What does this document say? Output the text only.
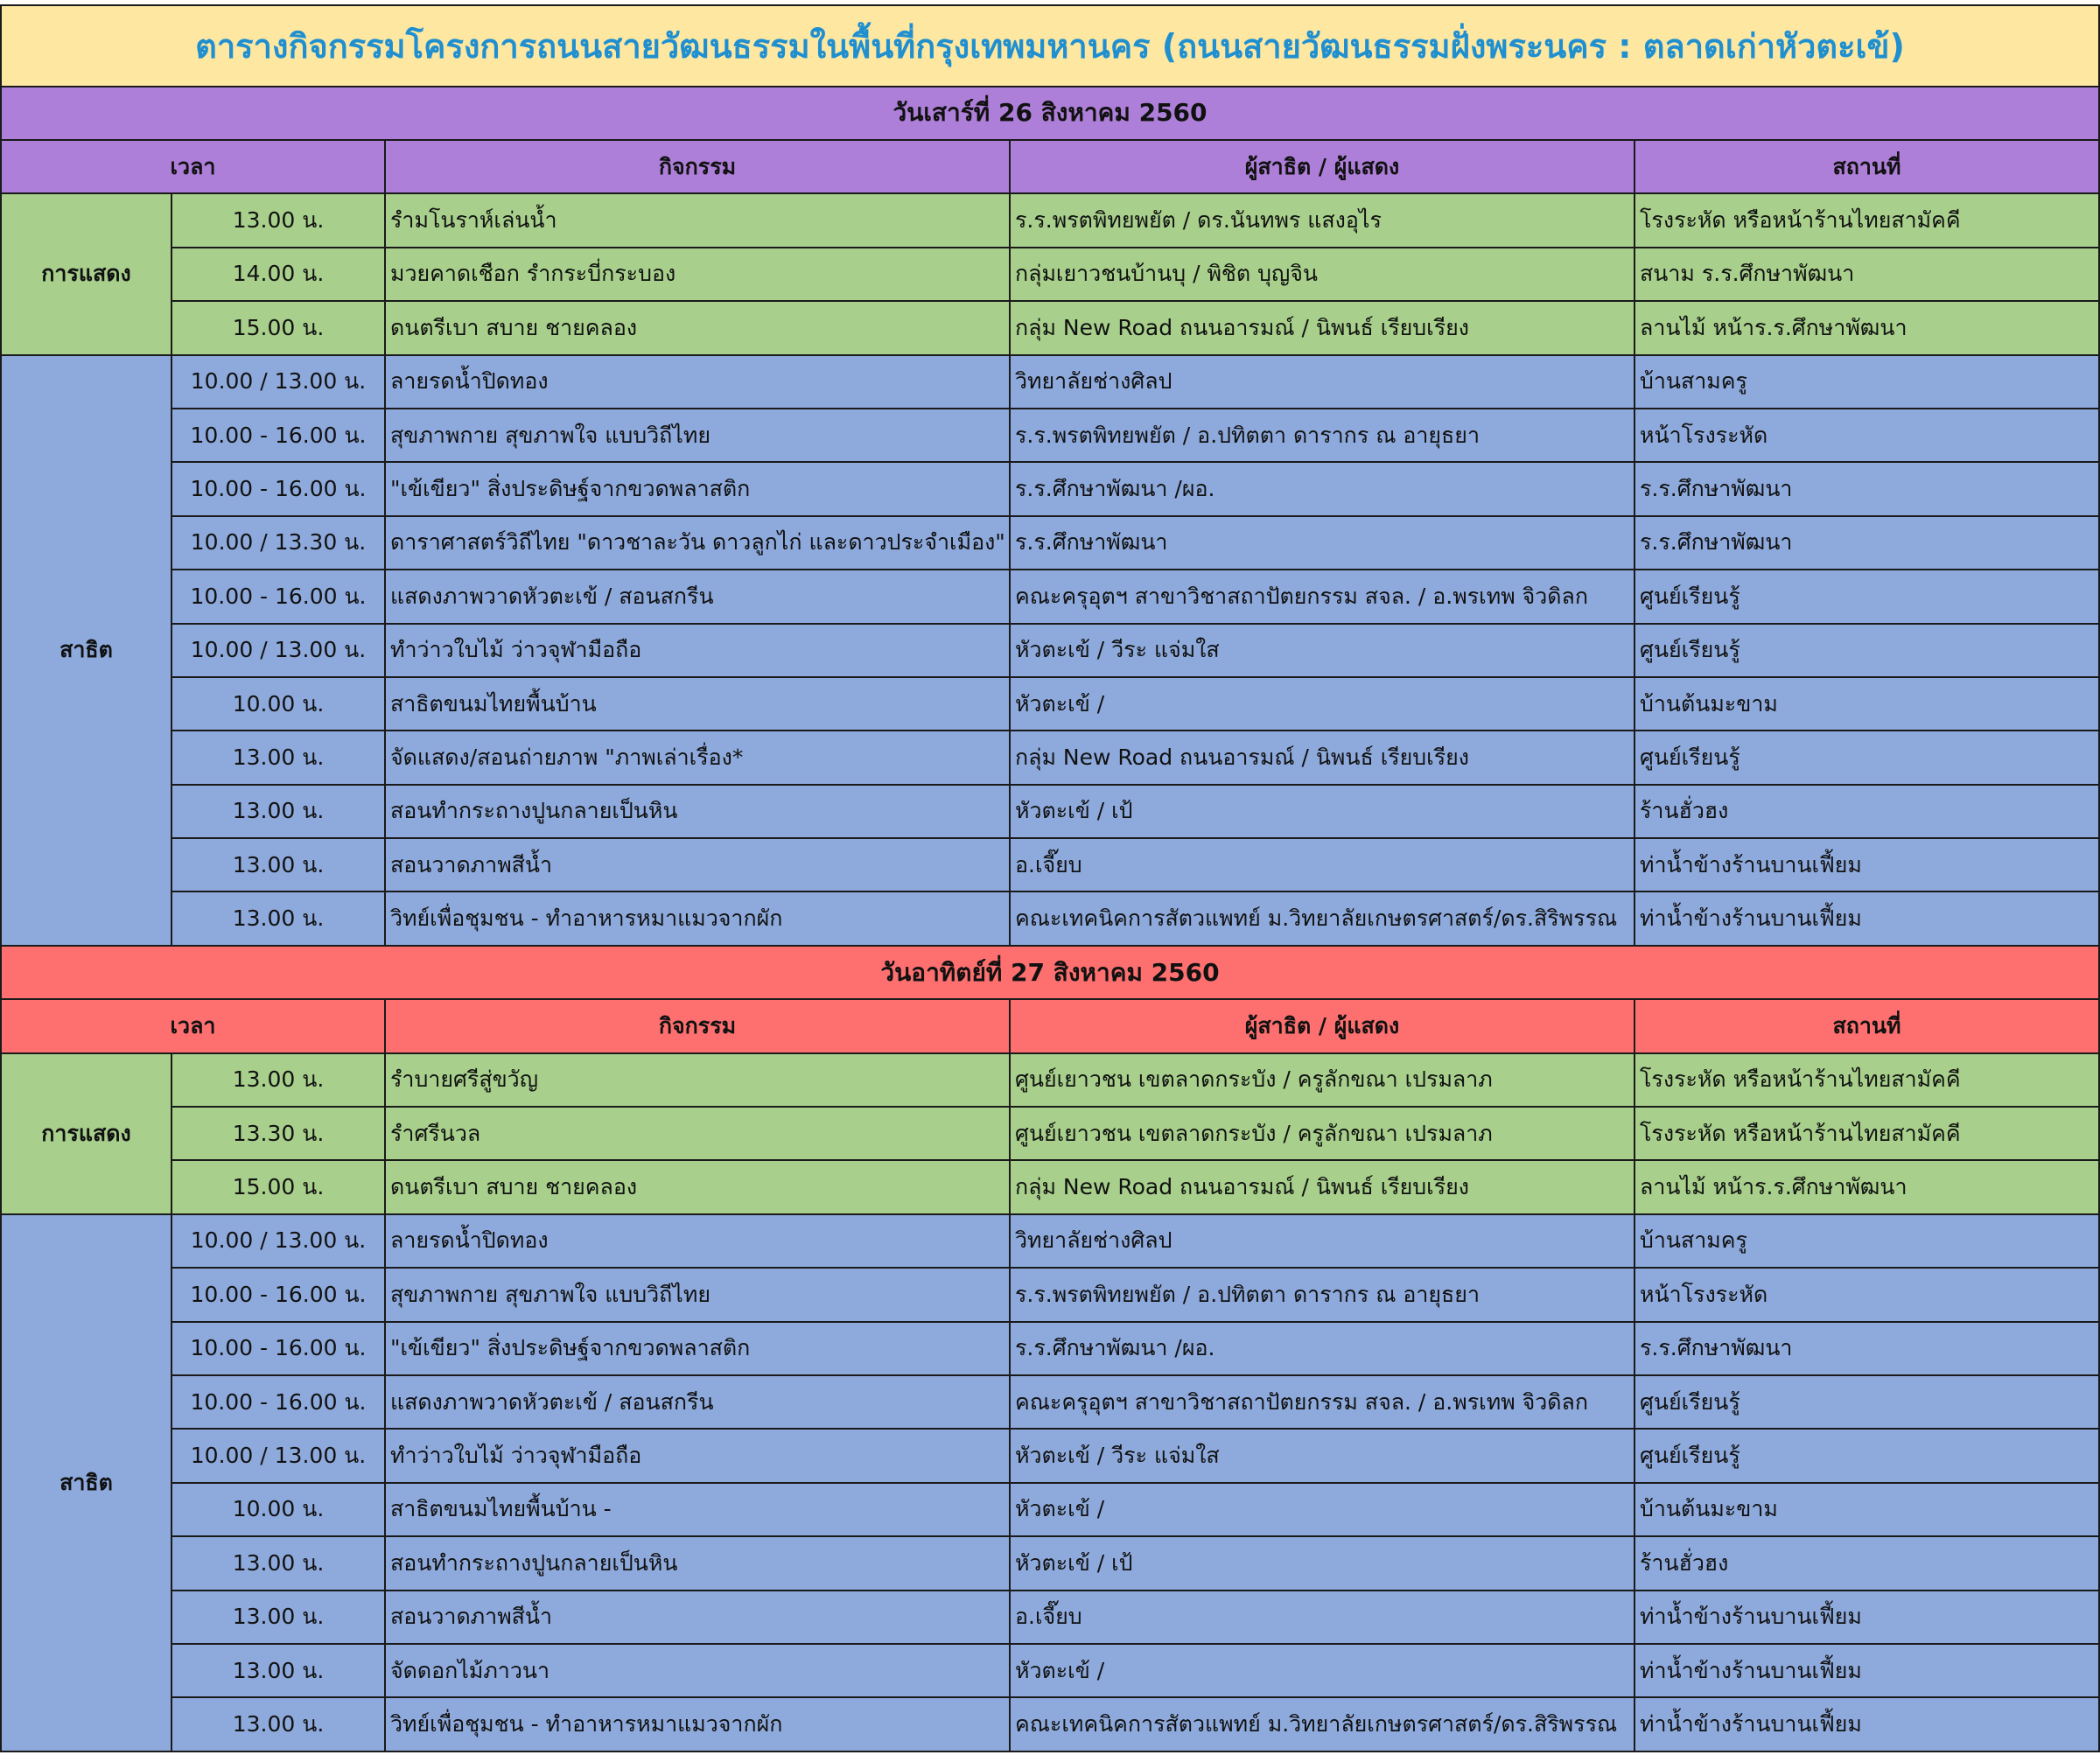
ตารางกิจกรรมโครงการถนนสายวัฒนธรรมในพื้นที่กรุงเทพมหานคร (ถนนสายวัฒนธรรมฝั่งพระนคร : ตลาดเก่าหัวตะเข้)				
วันเสาร์ที่ 26 สิงหาคม 2560				
เวลา		กิจกรรม	ผู้สาธิต / ผู้แสดง	สถานที่
การแสดง	13.00 น.	รำมโนราห์เล่นน้ำ	ร.ร.พรตพิทยพยัต / ดร.นันทพร แสงอุไร	โรงระหัด หรือหน้าร้านไทยสามัคคี
	14.00 น.	มวยคาดเชือก รำกระบี่กระบอง	กลุ่มเยาวชนบ้านบุ / พิชิต บุญจิน	สนาม ร.ร.ศึกษาพัฒนา
	15.00 น.	ดนตรีเบา สบาย ชายคลอง	กลุ่ม New Road ถนนอารมณ์ / นิพนธ์ เรียบเรียง	ลานไม้ หน้าร.ร.ศึกษาพัฒนา
สาธิต	10.00 / 13.00 น.	ลายรดน้ำปิดทอง	วิทยาลัยช่างศิลป	บ้านสามครู
	10.00 - 16.00 น.	สุขภาพกาย สุขภาพใจ แบบวิถีไทย	ร.ร.พรตพิทยพยัต / อ.ปทิตตา ดารากร ณ อายุธยา	หน้าโรงระหัด
	10.00 - 16.00 น.	"เข้เขียว" สิ่งประดิษฐ์จากขวดพลาสติก	ร.ร.ศึกษาพัฒนา /ผอ.	ร.ร.ศึกษาพัฒนา
	10.00 / 13.30 น.	ดาราศาสตร์วิถีไทย "ดาวชาละวัน ดาวลูกไก่ และดาวประจำเมือง"	ร.ร.ศึกษาพัฒนา	ร.ร.ศึกษาพัฒนา
	10.00 - 16.00 น.	แสดงภาพวาดหัวตะเข้ / สอนสกรีน	คณะครุอุตฯ สาขาวิชาสถาปัตยกรรม สจล. / อ.พรเทพ จิวดิลก	ศูนย์เรียนรู้
	10.00 / 13.00 น.	ทำว่าวใบไม้ ว่าวจุฬามือถือ	หัวตะเข้ / วีระ แจ่มใส	ศูนย์เรียนรู้
	10.00 น.	สาธิตขนมไทยพื้นบ้าน	หัวตะเข้ /	บ้านต้นมะขาม
	13.00 น.	จัดแสดง/สอนถ่ายภาพ "ภาพเล่าเรื่อง*	กลุ่ม New Road ถนนอารมณ์ / นิพนธ์ เรียบเรียง	ศูนย์เรียนรู้
	13.00 น.	สอนทำกระถางปูนกลายเป็นหิน	หัวตะเข้ / เป้	ร้านฮั่วฮง
	13.00 น.	สอนวาดภาพสีน้ำ	อ.เจี๊ยบ	ท่าน้ำข้างร้านบานเฟี้ยม
	13.00 น.	วิทย์เพื่อชุมชน - ทำอาหารหมาแมวจากผัก	คณะเทคนิคการสัตวแพทย์ ม.วิทยาลัยเกษตรศาสตร์/ดร.สิริพรรณ	ท่าน้ำข้างร้านบานเฟี้ยม
วันอาทิตย์ที่ 27 สิงหาคม 2560				
เวลา		กิจกรรม	ผู้สาธิต / ผู้แสดง	สถานที่
การแสดง	13.00 น.	รำบายศรีสู่ขวัญ	ศูนย์เยาวชน เขตลาดกระบัง / ครูลักขณา เปรมลาภ	โรงระหัด หรือหน้าร้านไทยสามัคคี
	13.30 น.	รำศรีนวล	ศูนย์เยาวชน เขตลาดกระบัง / ครูลักขณา เปรมลาภ	โรงระหัด หรือหน้าร้านไทยสามัคคี
	15.00 น.	ดนตรีเบา สบาย ชายคลอง	กลุ่ม New Road ถนนอารมณ์ / นิพนธ์ เรียบเรียง	ลานไม้ หน้าร.ร.ศึกษาพัฒนา
สาธิต	10.00 / 13.00 น.	ลายรดน้ำปิดทอง	วิทยาลัยช่างศิลป	บ้านสามครู
	10.00 - 16.00 น.	สุขภาพกาย สุขภาพใจ แบบวิถีไทย	ร.ร.พรตพิทยพยัต / อ.ปทิตตา ดารากร ณ อายุธยา	หน้าโรงระหัด
	10.00 - 16.00 น.	"เข้เขียว" สิ่งประดิษฐ์จากขวดพลาสติก	ร.ร.ศึกษาพัฒนา /ผอ.	ร.ร.ศึกษาพัฒนา
	10.00 - 16.00 น.	แสดงภาพวาดหัวตะเข้ / สอนสกรีน	คณะครุอุตฯ สาขาวิชาสถาปัตยกรรม สจล. / อ.พรเทพ จิวดิลก	ศูนย์เรียนรู้
	10.00 / 13.00 น.	ทำว่าวใบไม้ ว่าวจุฬามือถือ	หัวตะเข้ / วีระ แจ่มใส	ศูนย์เรียนรู้
	10.00 น.	สาธิตขนมไทยพื้นบ้าน -	หัวตะเข้ /	บ้านต้นมะขาม
	13.00 น.	สอนทำกระถางปูนกลายเป็นหิน	หัวตะเข้ / เป้	ร้านฮั่วฮง
	13.00 น.	สอนวาดภาพสีน้ำ	อ.เจี๊ยบ	ท่าน้ำข้างร้านบานเฟี้ยม
	13.00 น.	จัดดอกไม้ภาวนา	หัวตะเข้ /	ท่าน้ำข้างร้านบานเฟี้ยม
	13.00 น.	วิทย์เพื่อชุมชน - ทำอาหารหมาแมวจากผัก	คณะเทคนิคการสัตวแพทย์ ม.วิทยาลัยเกษตรศาสตร์/ดร.สิริพรรณ	ท่าน้ำข้างร้านบานเฟี้ยม
